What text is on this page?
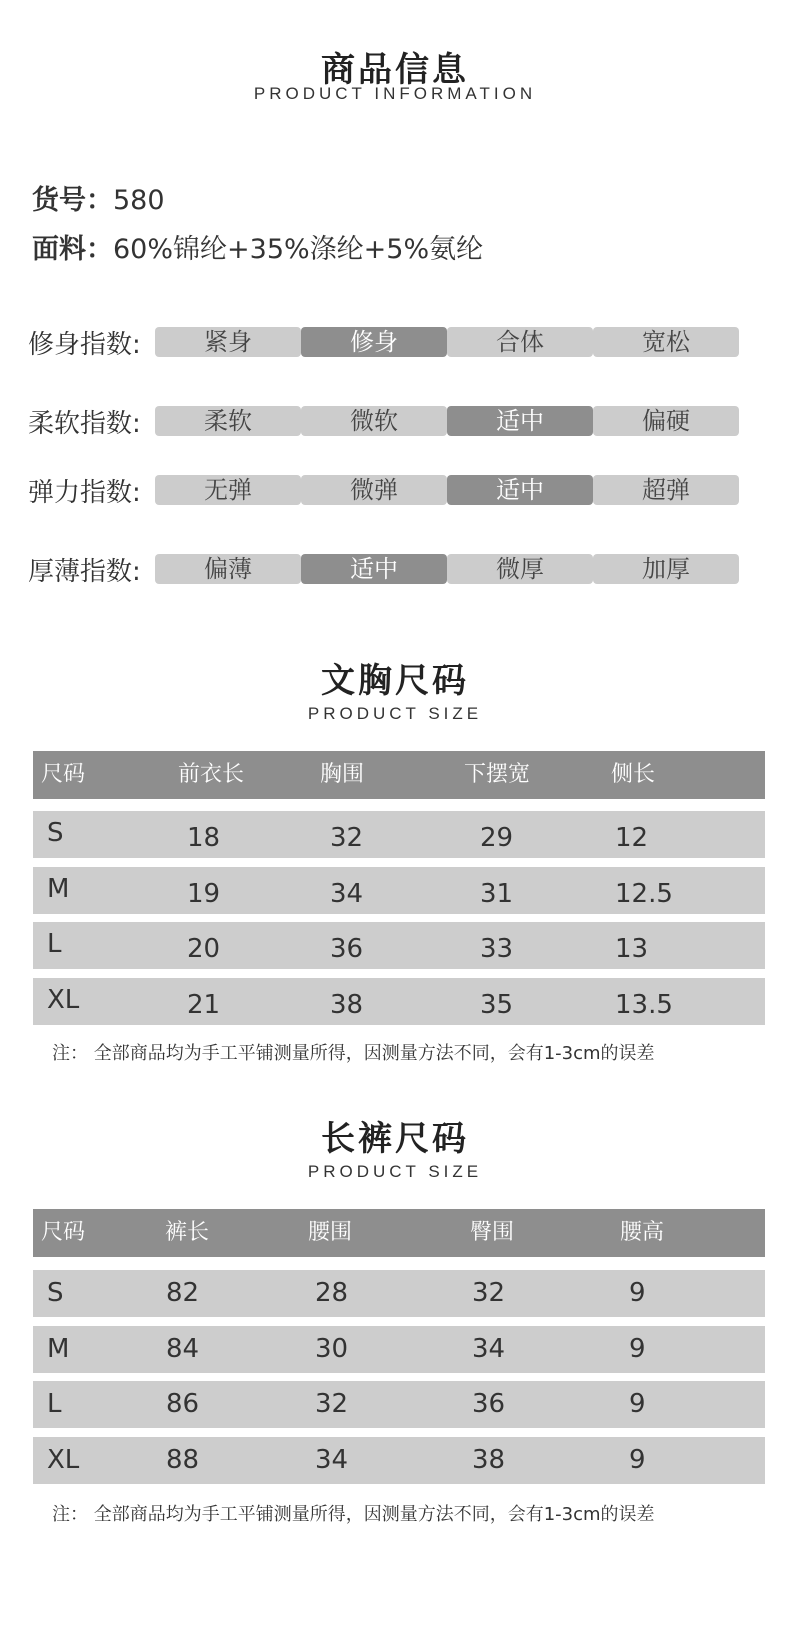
商品信息
PRODUCT INFORMATION
货号：580
面料：60%锦纶+35%涤纶+5%氨纶
修身指数:	紧身	修身	合体	宽松
柔软指数:	柔软	微软	适中	偏硬
弹力指数:	无弹	微弹	适中	超弹
厚薄指数:	偏薄	适中	微厚	加厚
文胸尺码
PRODUCT SIZE
尺码	前衣长	胸围	下摆宽	侧长
S	18	32	29	12
M	19	34	31	12.5
L	20	36	33	13
XL	21	38	35	13.5
注： 全部商品均为手工平铺测量所得，因测量方法不同，会有1-3cm的误差
长裤尺码
PRODUCT SIZE
尺码	裤长	腰围	臀围	腰高
S	82	28	32	9
M	84	30	34	9
L	86	32	36	9
XL	88	34	38	9
注： 全部商品均为手工平铺测量所得，因测量方法不同，会有1-3cm的误差
